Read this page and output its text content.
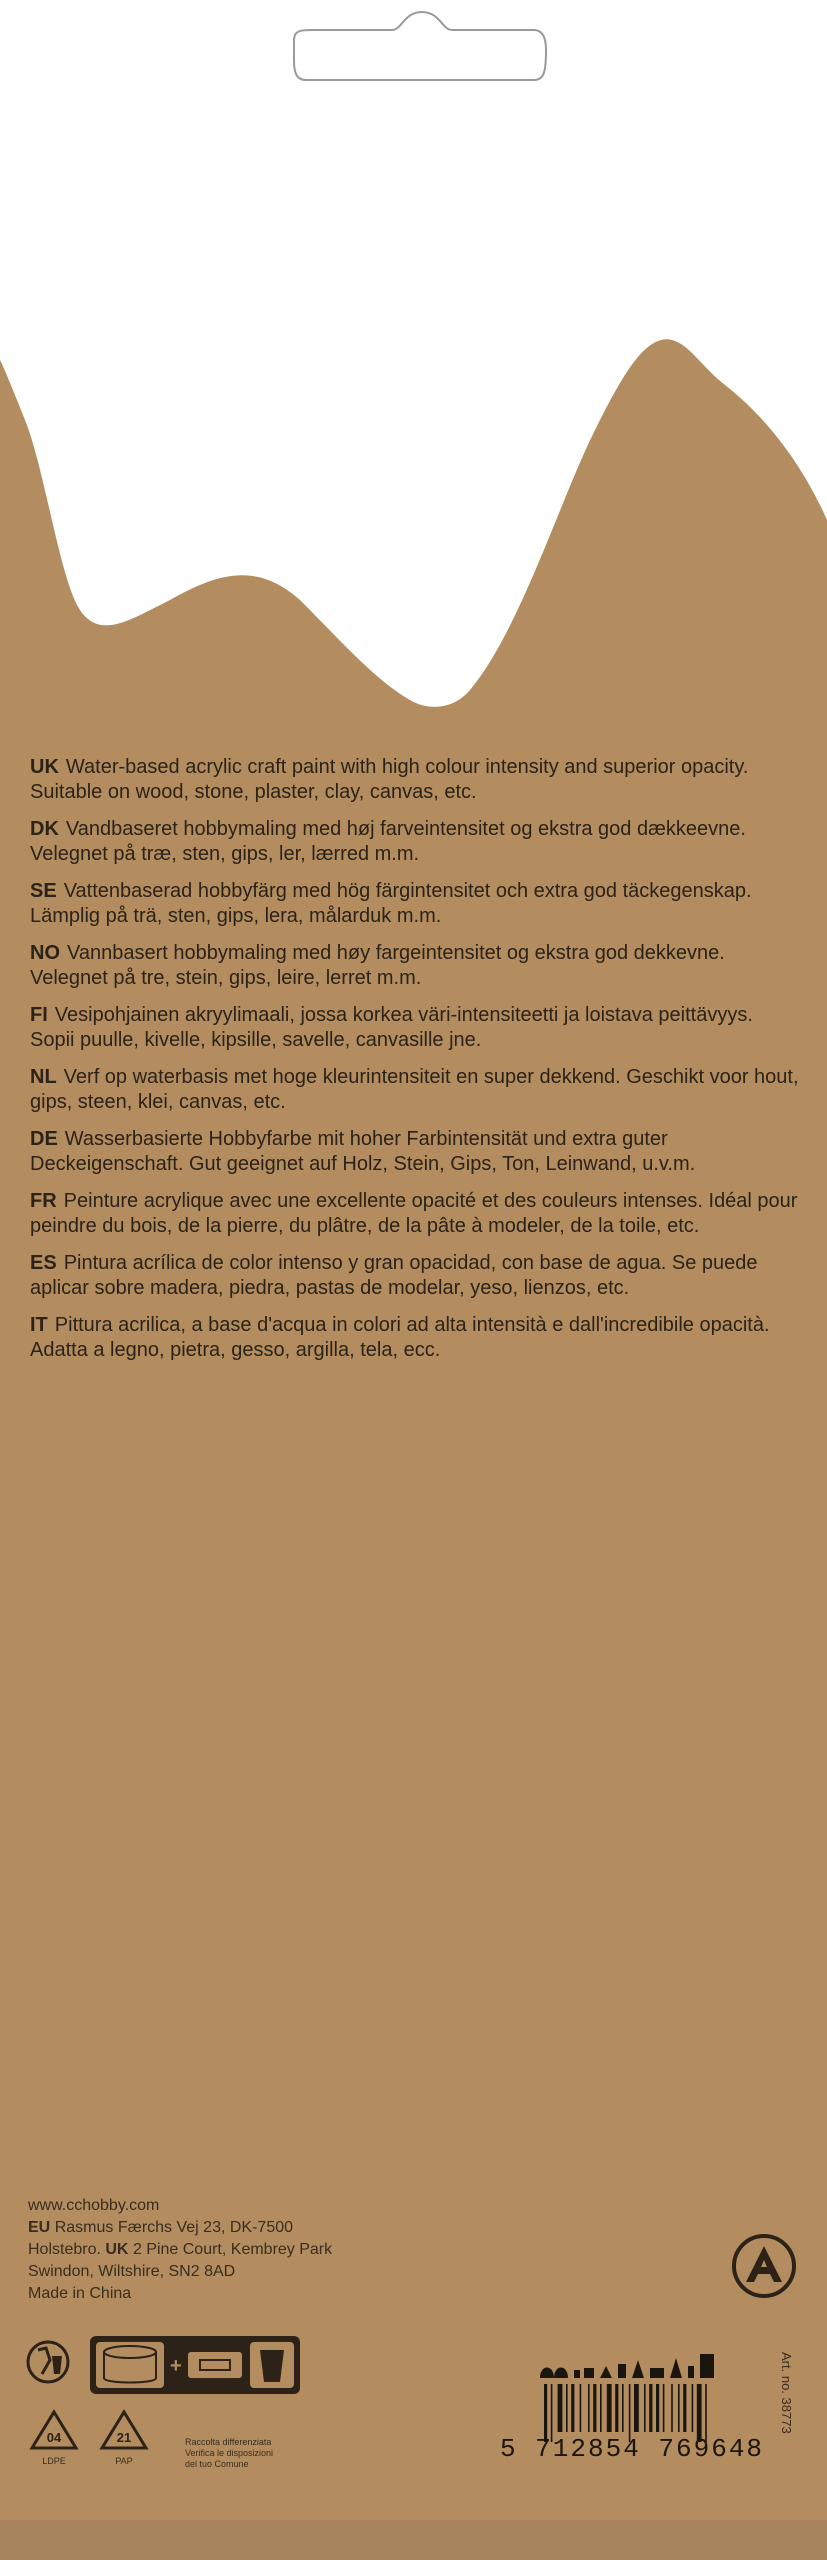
UK Water-based acrylic craft paint with high colour intensity and superior opacity. Suitable on wood, stone, plaster, clay, canvas, etc.

DK Vandbaseret hobbymaling med høj farveintensitet og ekstra god dækkeevne. Velegnet på træ, sten, gips, ler, lærred m.m.

SE Vattenbaserad hobbyfärg med hög färgintensitet och extra god täckegenskap. Lämplig på trä, sten, gips, lera, målarduk m.m.

NO Vannbasert hobbymaling med høy fargeintensitet og ekstra god dekkevne. Velegnet på tre, stein, gips, leire, lerret m.m.

FI Vesipohjainen akryylimaali, jossa korkea väri-intensiteetti ja loistava peittävyys. Sopii puulle, kivelle, kipsille, savelle, canvasille jne.

NL Verf op waterbasis met hoge kleurintensiteit en super dekkend. Geschikt voor hout, gips, steen, klei, canvas, etc.

DE Wasserbasierte Hobbyfarbe mit hoher Farbintensität und extra guter Deckeigenschaft. Gut geeignet auf Holz, Stein, Gips, Ton, Leinwand, u.v.m.

FR Peinture acrylique avec une excellente opacité et des couleurs intenses. Idéal pour peindre du bois, de la pierre, du plâtre, de la pâte à modeler, de la toile, etc.

ES Pintura acrílica de color intenso y gran opacidad, con base de agua. Se puede aplicar sobre madera, piedra, pastas de modelar, yeso, lienzos, etc.

IT Pittura acrilica, a base d'acqua in colori ad alta intensità e dall'incredibile opacità. Adatta a legno, pietra, gesso, argilla, tela, ecc.

www.cchobby.com
EU Rasmus Færchs Vej 23, DK-7500
Holstebro. UK 2 Pine Court, Kembrey Park
Swindon, Wiltshire, SN2 8AD
Made in China
+
04
LDPE
21
PAP
Raccolta differenziata
Verifica le disposizioni
del tuo Comune	5 712854 769648
Art. no. 38773
